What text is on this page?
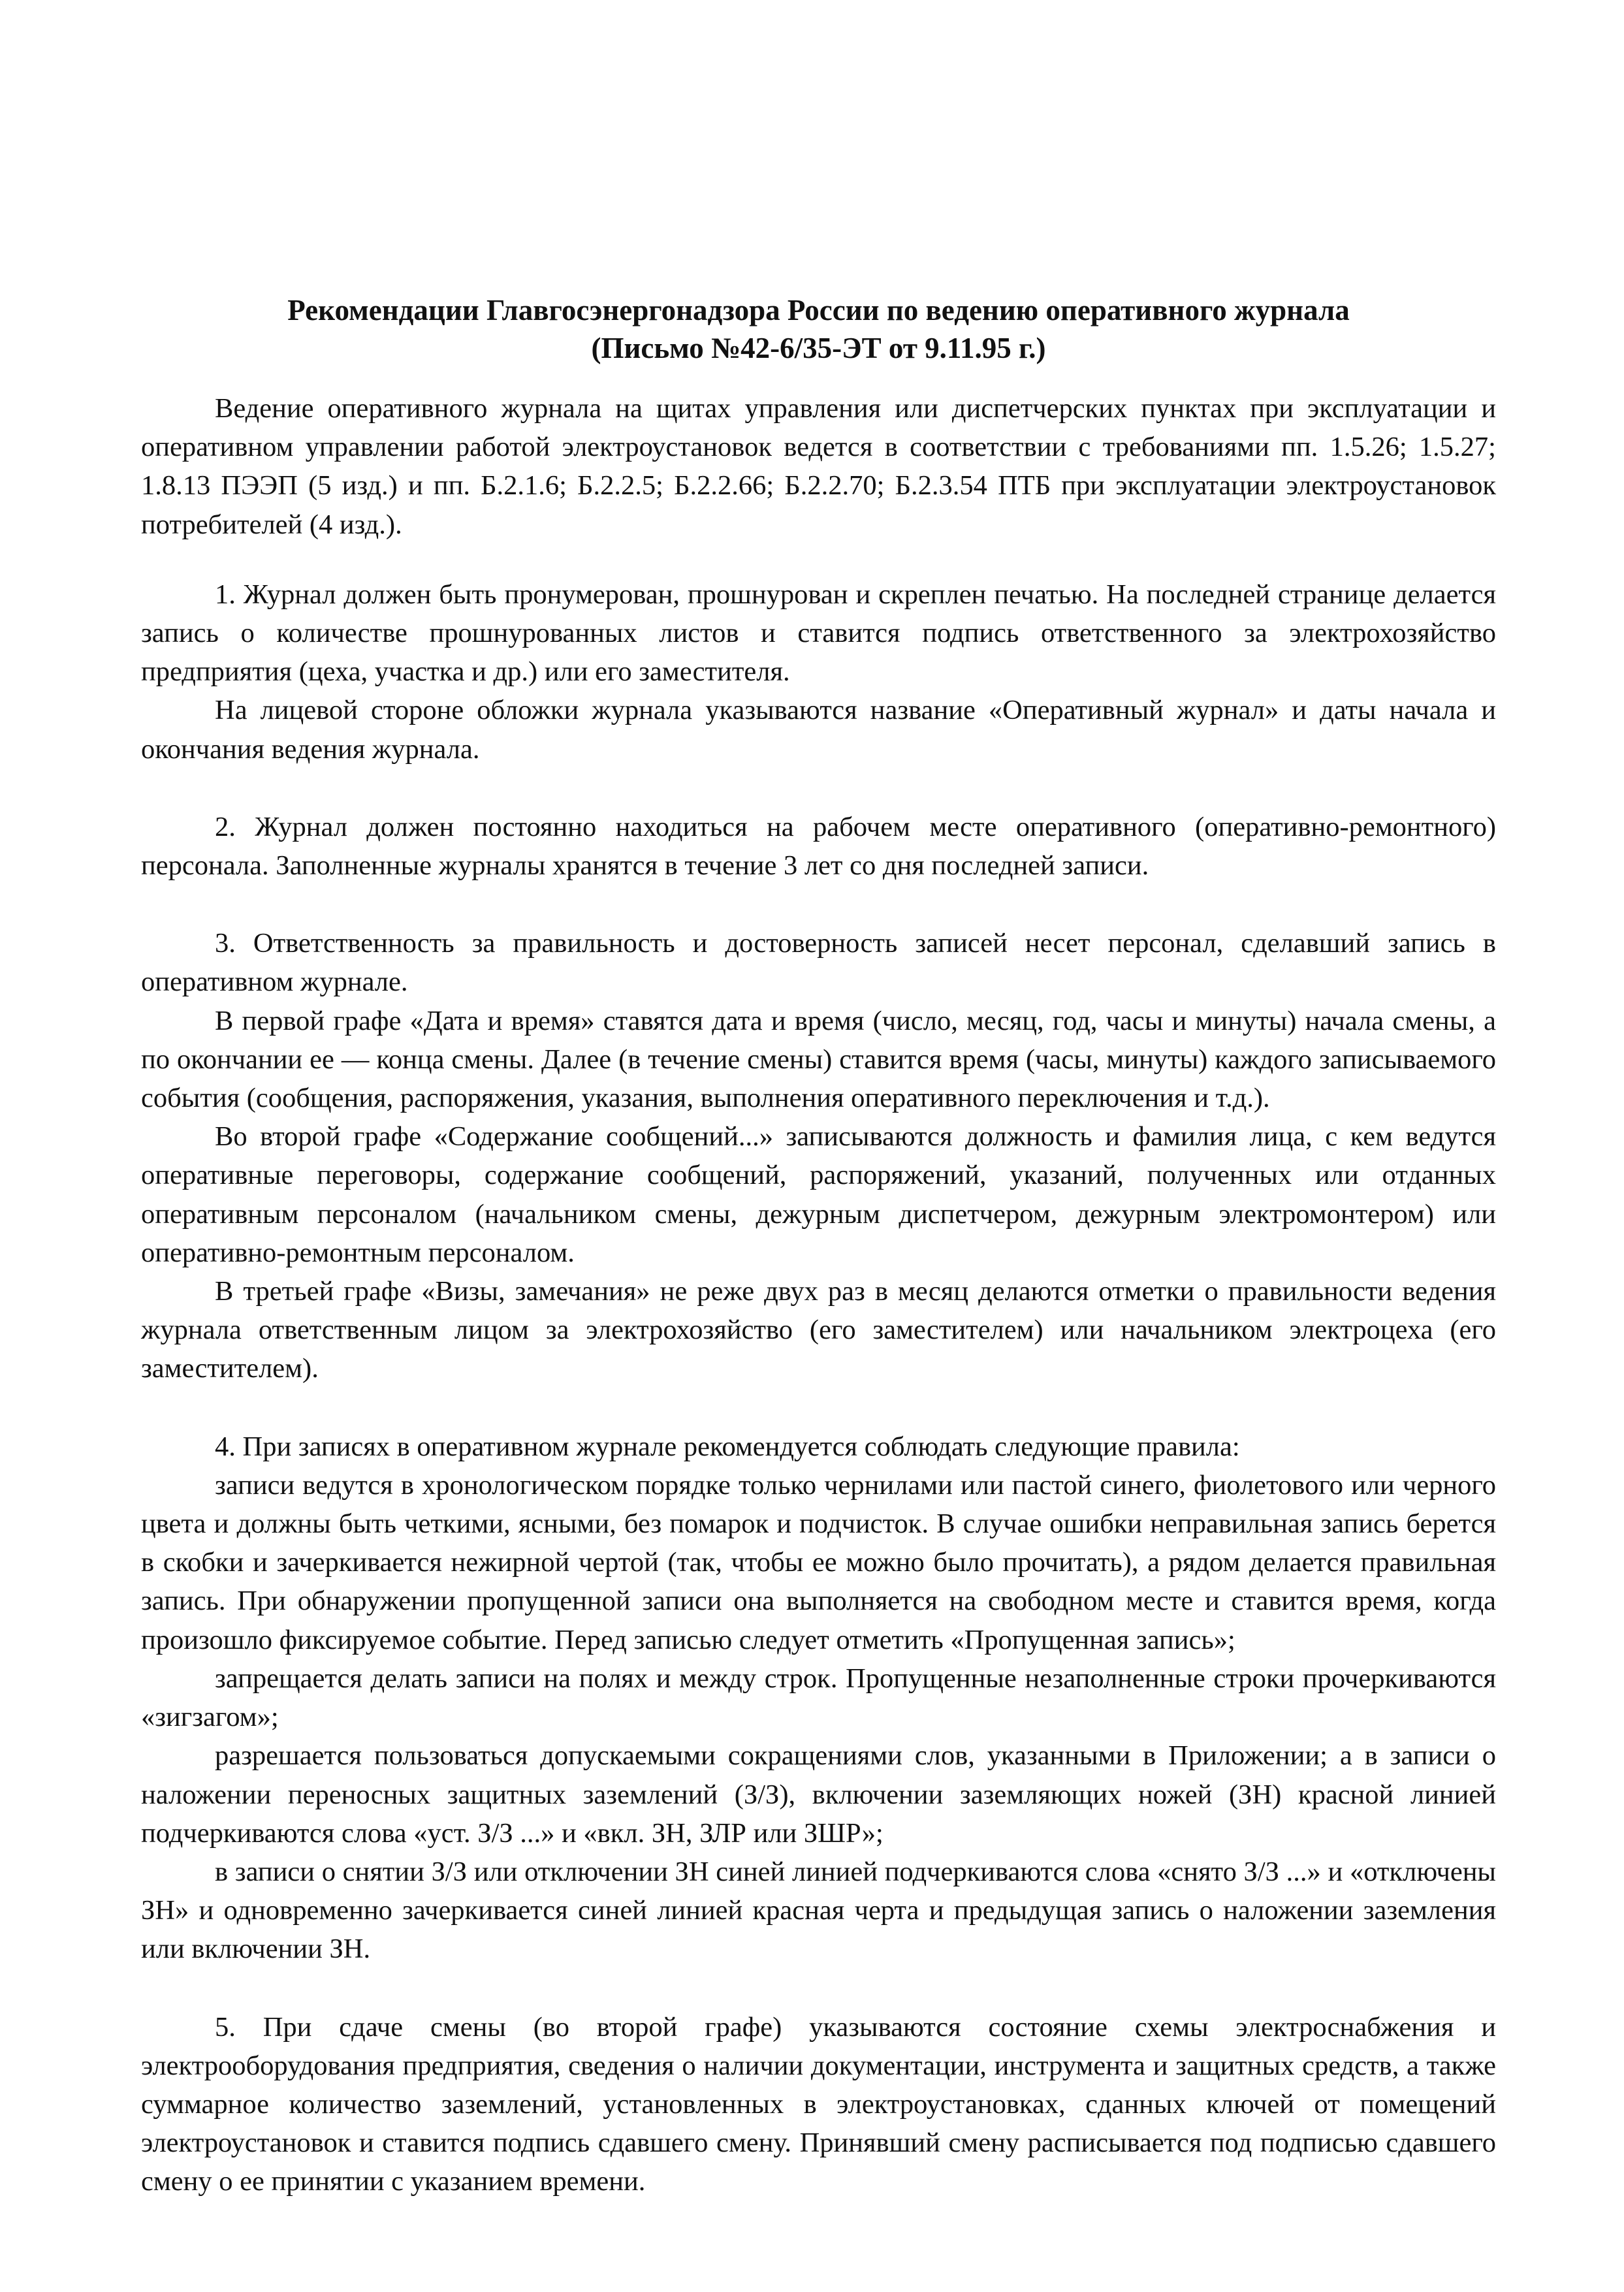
Рекомендации Главгосэнергонадзора России по ведению оперативного журнала

(Письмо №42-6/35-ЭТ от 9.11.95 г.)

Ведение оперативного журнала на щитах управления или диспетчерских пунктах при эксплуатации и оперативном управлении работой электроустановок ведется в соответствии с требованиями пп. 1.5.26; 1.5.27; 1.8.13 ПЭЭП (5 изд.) и пп. Б.2.1.6; Б.2.2.5; Б.2.2.66; Б.2.2.70; Б.2.3.54 ПТБ при эксплуатации электроустановок потребителей (4 изд.).

1. Журнал должен быть пронумерован, прошнурован и скреплен печатью. На последней странице делается запись о количестве прошнурованных листов и ставится подпись ответственного за электрохозяйство предприятия (цеха, участка и др.) или его заместителя.

На лицевой стороне обложки журнала указываются название «Оперативный журнал» и даты начала и окончания ведения журнала.

2. Журнал должен постоянно находиться на рабочем месте оперативного (оперативно-ремонтного) персонала. Заполненные журналы хранятся в течение 3 лет со дня последней записи.

3. Ответственность за правильность и достоверность записей несет персонал, сделавший запись в оперативном журнале.

В первой графе «Дата и время» ставятся дата и время (число, месяц, год, часы и минуты) начала смены, а по окончании ее — конца смены. Далее (в течение смены) ставится время (часы, минуты) каждого записываемого события (сообщения, распоряжения, указания, выполнения оперативного переключения и т.д.).

Во второй графе «Содержание сообщений...» записываются должность и фамилия лица, с кем ведутся оперативные переговоры, содержание сообщений, распоряжений, указаний, полученных или отданных оперативным персоналом (начальником смены, дежурным диспетчером, дежурным электромонтером) или оперативно-ремонтным персоналом.

В третьей графе «Визы, замечания» не реже двух раз в месяц делаются отметки о правильности ведения журнала ответственным лицом за электрохозяйство (его заместителем) или начальником электроцеха (его заместителем).

4. При записях в оперативном журнале рекомендуется соблюдать следующие правила:

записи ведутся в хронологическом порядке только чернилами или пастой синего, фиолетового или черного цвета и должны быть четкими, ясными, без помарок и подчисток. В случае ошибки неправильная запись берется в скобки и зачеркивается нежирной чертой (так, чтобы ее можно было прочитать), а рядом делается правильная запись. При обнаружении пропущенной записи она выполняется на свободном месте и ставится время, когда произошло фиксируемое событие. Перед записью следует отметить «Пропущенная запись»;

запрещается делать записи на полях и между строк. Пропущенные незаполненные строки прочеркиваются «зигзагом»;

разрешается пользоваться допускаемыми сокращениями слов, указанными в Приложении; а в записи о наложении переносных защитных заземлений (З/З), включении заземляющих ножей (ЗН) красной линией подчеркиваются слова «уст. З/З ...» и «вкл. ЗН, ЗЛР или ЗШР»;

в записи о снятии З/З или отключении ЗН синей линией подчеркиваются слова «снято З/З ...» и «отключены ЗН» и одновременно зачеркивается синей линией красная черта и предыдущая запись о наложении заземления или включении ЗН.

5. При сдаче смены (во второй графе) указываются состояние схемы электроснабжения и электрооборудования предприятия, сведения о наличии документации, инструмента и защитных средств, а также суммарное количество заземлений, установленных в электроустановках, сданных ключей от помещений электроустановок и ставится подпись сдавшего смену. Принявший смену расписывается под подписью сдавшего смену о ее принятии с указанием времени.
